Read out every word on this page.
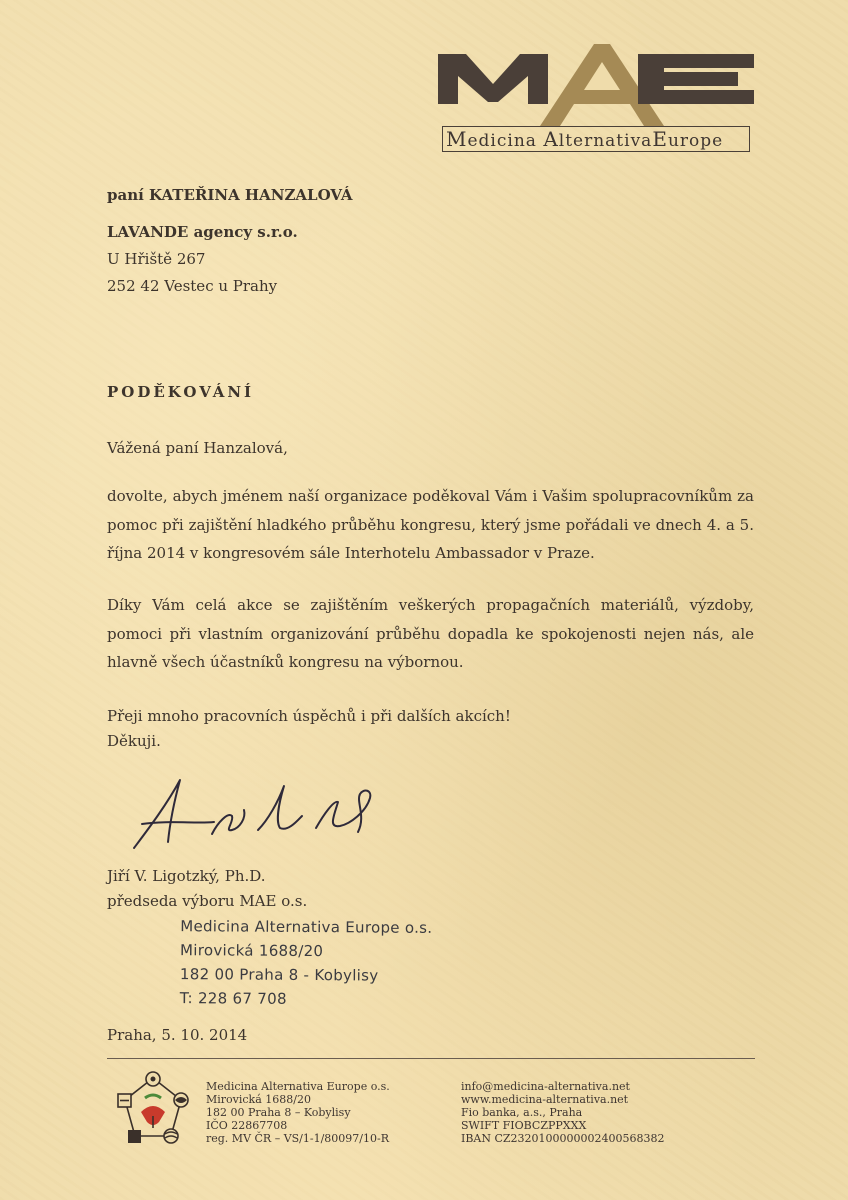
Medicina AlternativaEurope
paní KATEŘINA HANZALOVÁ
LAVANDE agency s.r.o.
U Hřiště 267
252 42 Vestec u Prahy
PODĚKOVÁNÍ
Vážená paní Hanzalová,
dovolte, abych jménem naší organizace poděkoval Vám i Vašim spolupracovníkům za pomoc při zajištění hladkého průběhu kongresu, který jsme pořádali ve dnech 4. a 5. října 2014 v kongresovém sále Interhotelu Ambassador v Praze.
Díky Vám celá akce se zajištěním veškerých propagačních materiálů, výzdoby, pomoci při vlastním organizování průběhu dopadla ke spokojenosti nejen nás, ale hlavně všech účastníků kongresu na výbornou.
Přeji mnoho pracovních úspěchů i při dalších akcích!
Děkuji.
Jiří V. Ligotzký, Ph.D.
předseda výboru MAE o.s.
Medicina Alternativa Europe o.s.
Mirovická 1688/20
182 00 Praha 8 - Kobylisy
T: 228 67 708
Praha, 5. 10. 2014
Medicina Alternativa Europe o.s.
Mirovická 1688/20
182 00 Praha 8 – Kobylisy
IČO 22867708
reg. MV ČR – VS/1-1/80097/10-R
info@medicina-alternativa.net
www.medicina-alternativa.net
Fio banka, a.s., Praha
SWIFT FIOBCZPPXXX
IBAN CZ2320100000002400568382
